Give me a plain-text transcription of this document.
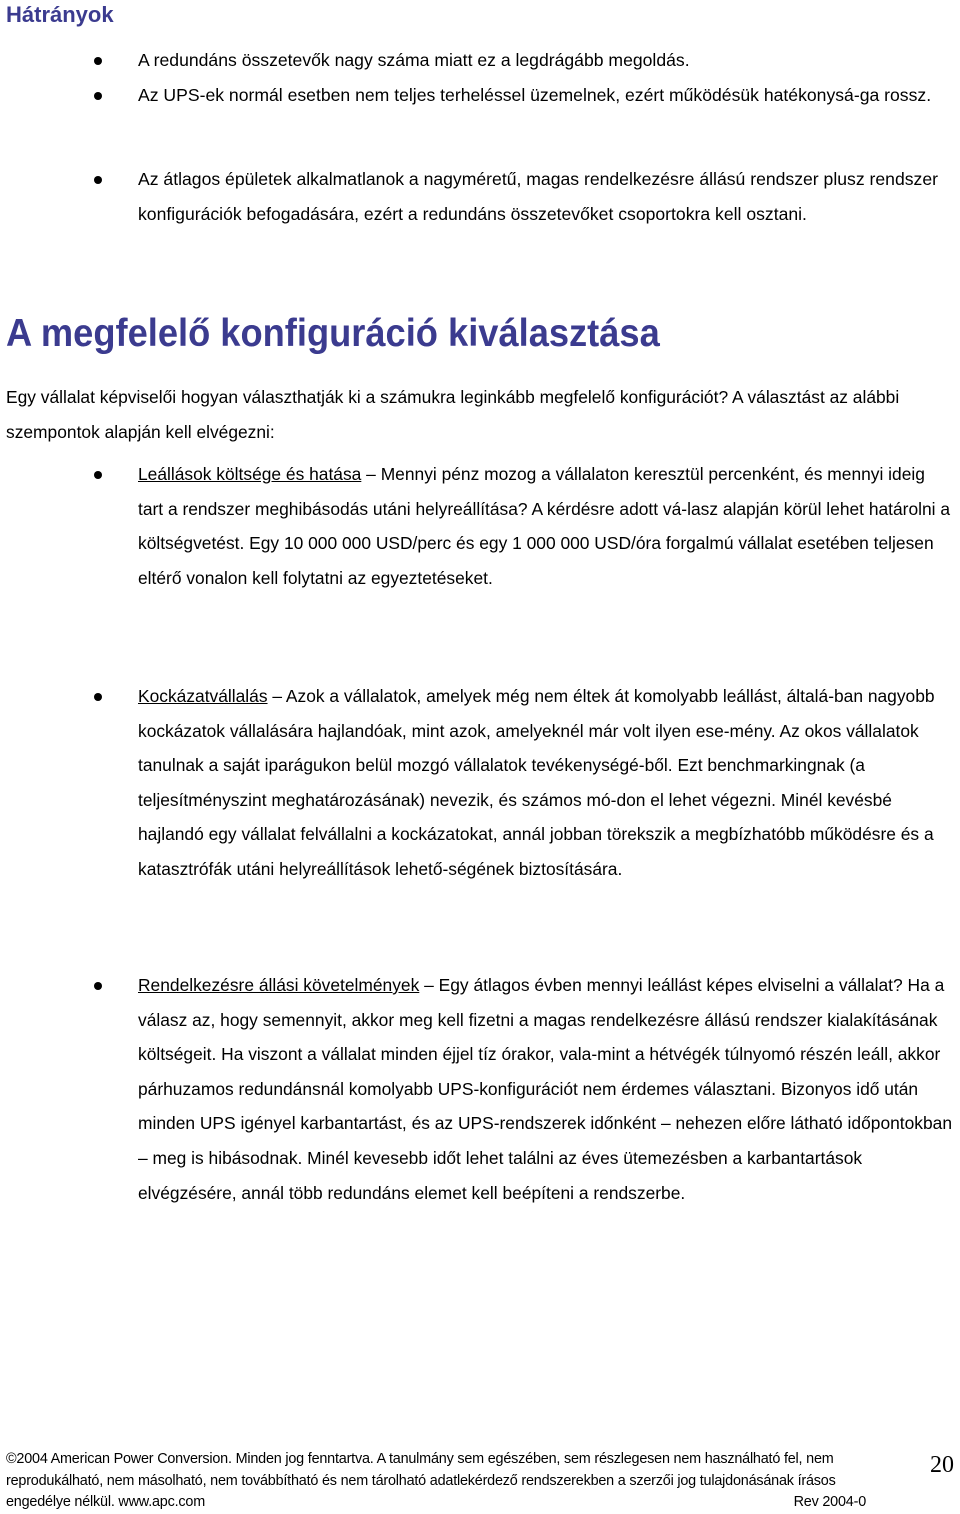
Hátrányok
A redundáns összetevők nagy száma miatt ez a legdrágább megoldás.
Az UPS-ek normál esetben nem teljes terheléssel üzemelnek, ezért működésük hatékonysá-ga rossz.
Az átlagos épületek alkalmatlanok a nagyméretű, magas rendelkezésre állású rendszer plusz rendszer konfigurációk befogadására, ezért a redundáns összetevőket csoportokra kell osztani.
A megfelelő konfiguráció kiválasztása

Egy vállalat képviselői hogyan választhatják ki a számukra leginkább megfelelő konfigurációt? A választást az alábbi szempontok alapján kell elvégezni:

Leállások költsége és hatása – Mennyi pénz mozog a vállalaton keresztül percenként, és mennyi ideig tart a rendszer meghibásodás utáni helyreállítása? A kérdésre adott vá-lasz alapján körül lehet határolni a költségvetést. Egy 10 000 000 USD/perc és egy 1 000 000 USD/óra forgalmú vállalat esetében teljesen eltérő vonalon kell folytatni az egyeztetéseket.
Kockázatvállalás – Azok a vállalatok, amelyek még nem éltek át komolyabb leállást, általá-ban nagyobb kockázatok vállalására hajlandóak, mint azok, amelyeknél már volt ilyen ese-mény. Az okos vállalatok tanulnak a saját iparágukon belül mozgó vállalatok tevékenységé-ből. Ezt benchmarkingnak (a teljesítményszint meghatározásának) nevezik, és számos mó-don el lehet végezni. Minél kevésbé hajlandó egy vállalat felvállalni a kockázatokat, annál jobban törekszik a megbízhatóbb működésre és a katasztrófák utáni helyreállítások lehető-ségének biztosítására.
Rendelkezésre állási követelmények – Egy átlagos évben mennyi leállást képes elviselni a vállalat? Ha a válasz az, hogy semennyit, akkor meg kell fizetni a magas rendelkezésre állású rendszer kialakításának költségeit. Ha viszont a vállalat minden éjjel tíz órakor, vala-mint a hétvégék túlnyomó részén leáll, akkor párhuzamos redundánsnál komolyabb UPS-konfigurációt nem érdemes választani. Bizonyos idő után minden UPS igényel karbantartást, és az UPS-rendszerek időnként – nehezen előre látható időpontokban – meg is hibásodnak. Minél kevesebb időt lehet találni az éves ütemezésben a karbantartások elvégzésére, annál több redundáns elemet kell beépíteni a rendszerbe.
©2004 American Power Conversion. Minden jog fenntartva. A tanulmány sem egészében, sem részlegesen nem használható fel, nem
reprodukálható, nem másolható, nem továbbítható és nem tárolható adatlekérdező rendszerekben a szerzői jog tulajdonásának írásos
engedélye nélkül. www.apc.com	Rev 2004-0
20
